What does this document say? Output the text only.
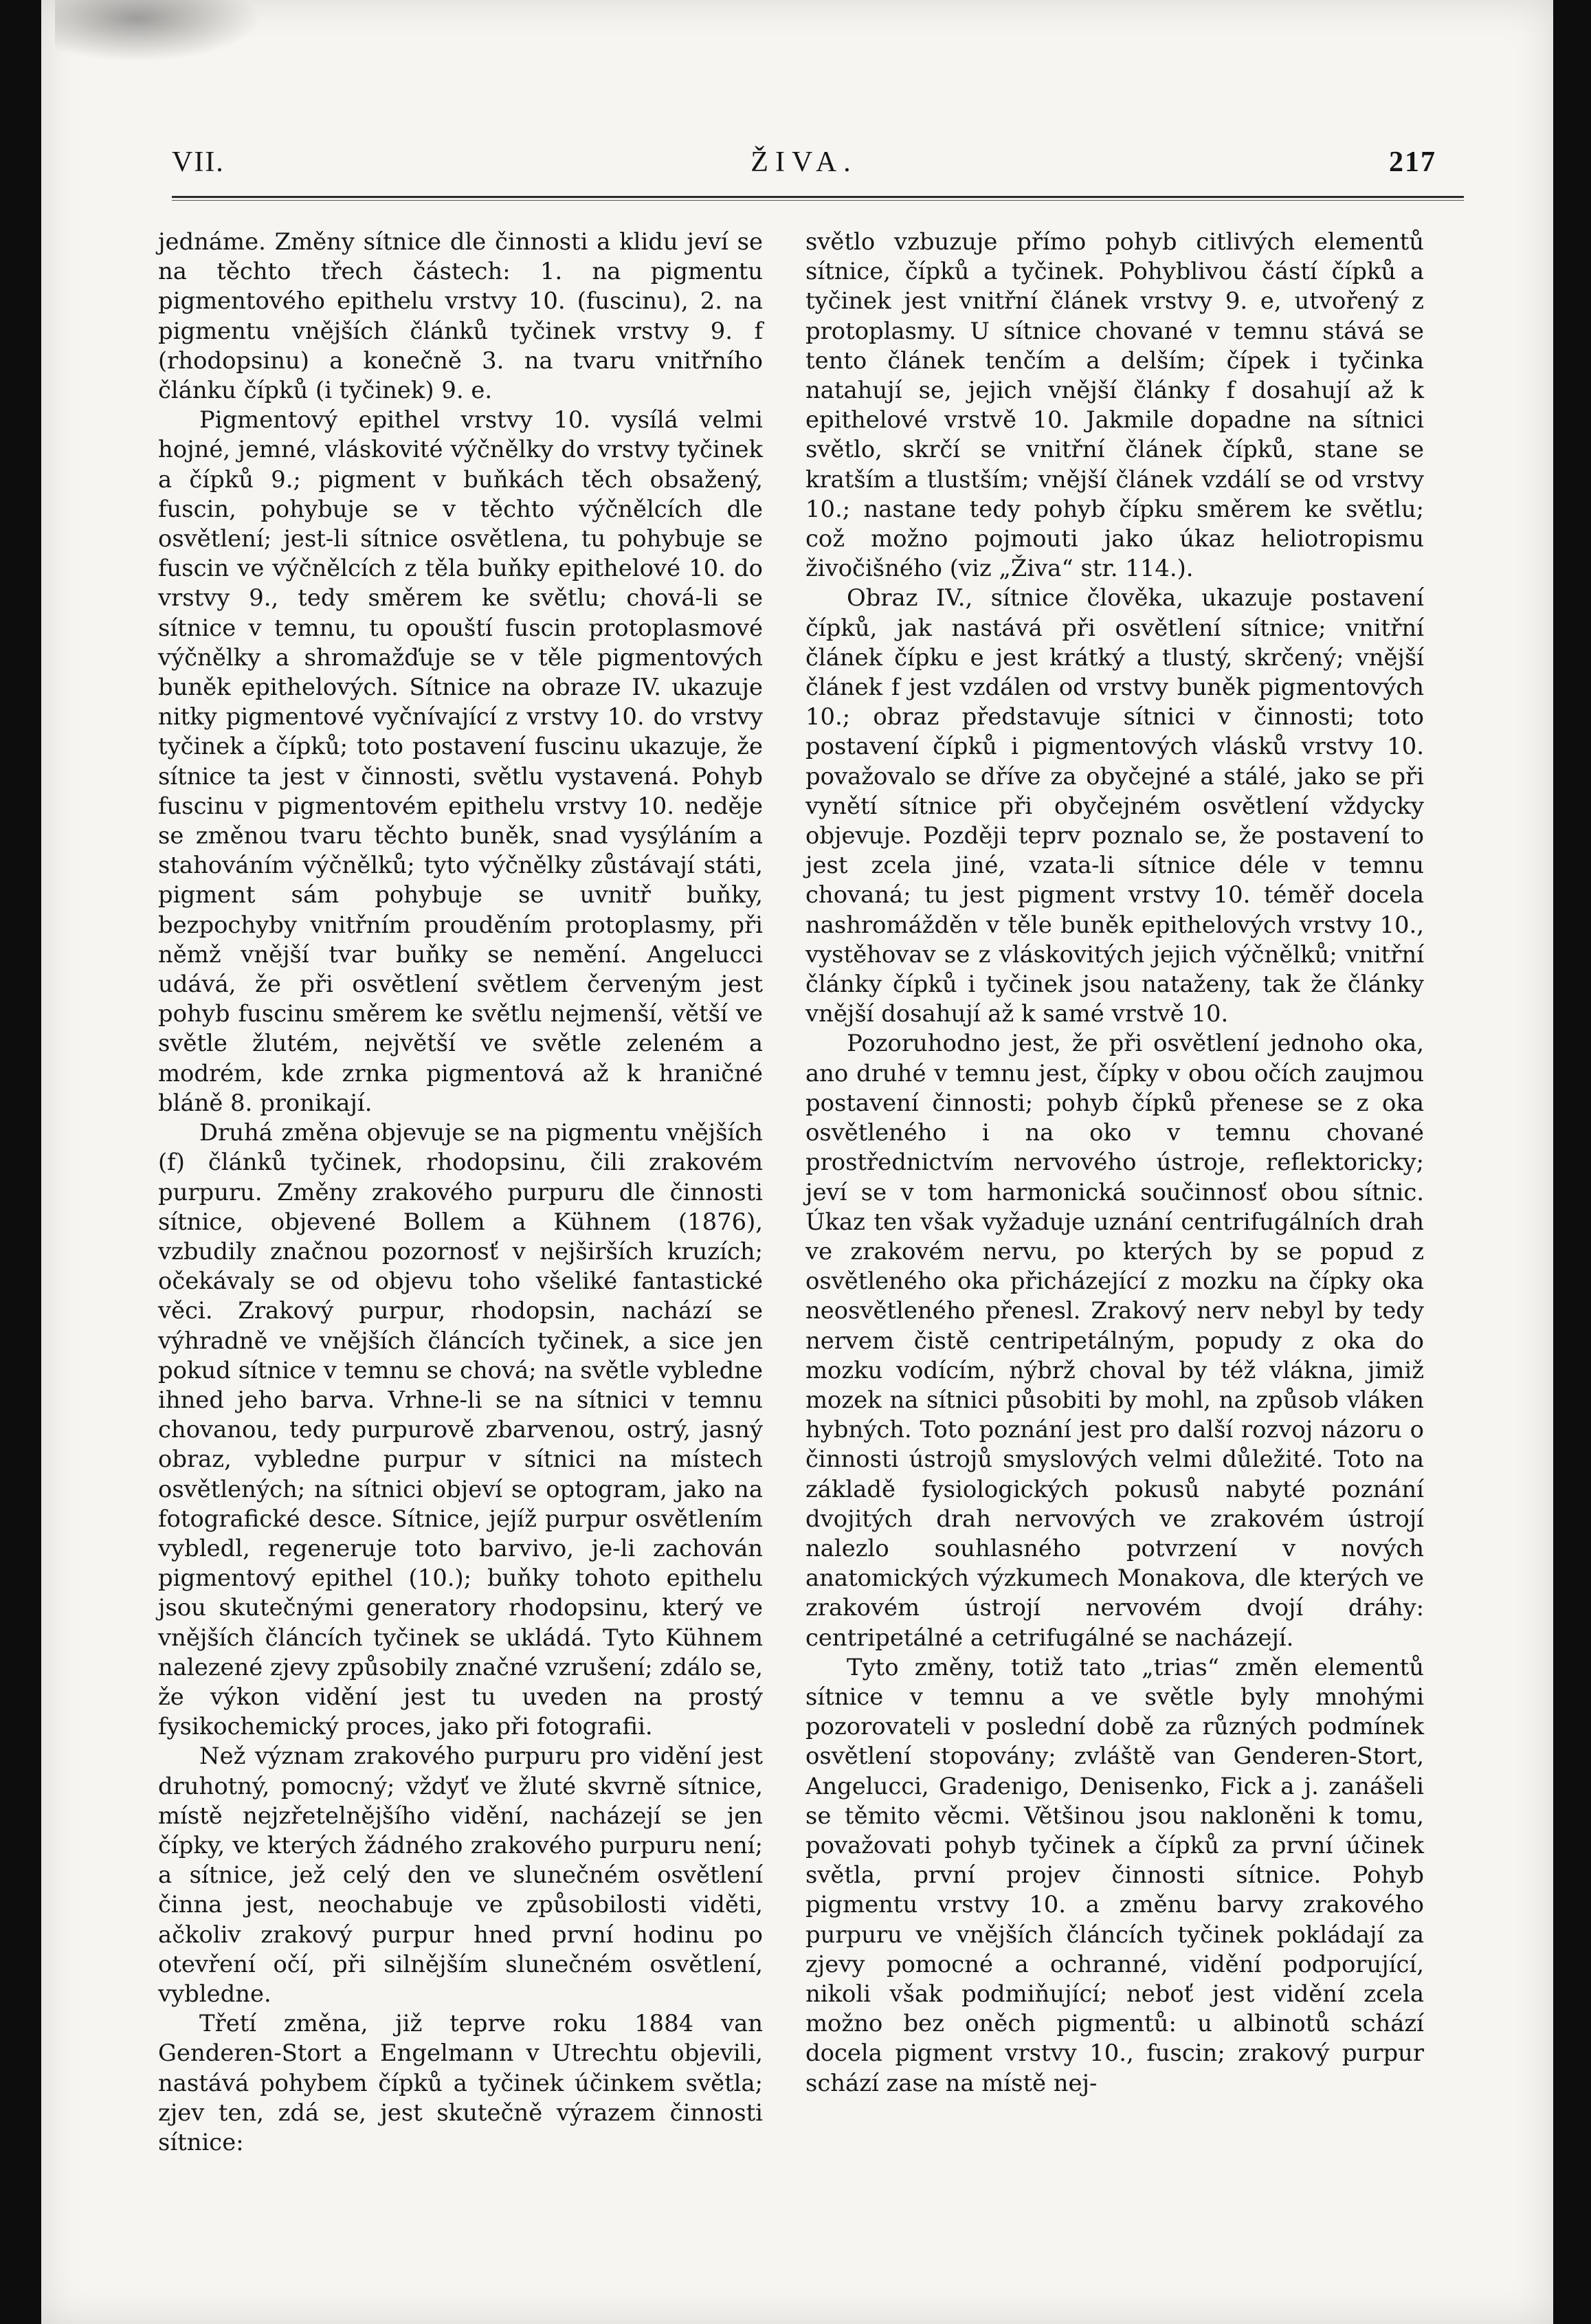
VII.	ŽIVA.	217

jednáme. Změny sítnice dle činnosti a klidu jeví se na těchto třech částech: 1. na pigmentu pigmentového epithelu vrstvy 10. (fuscinu), 2. na pigmentu vnějších článků tyčinek vrstvy 9. f (rhodopsinu) a konečně 3. na tvaru vnitřního článku čípků (i tyčinek) 9. e.

Pigmentový epithel vrstvy 10. vysílá velmi hojné, jemné, vláskovité výčnělky do vrstvy tyčinek a čípků 9.; pigment v buňkách těch obsažený, fuscin, pohybuje se v těchto výčnělcích dle osvětlení; jest-li sítnice osvětlena, tu pohybuje se fuscin ve výčnělcích z těla buňky epithelové 10. do vrstvy 9., tedy směrem ke světlu; chová-li se sítnice v temnu, tu opouští fuscin protoplasmové výčnělky a shromažďuje se v těle pigmentových buněk epithelových. Sítnice na obraze IV. ukazuje nitky pigmentové vyčnívající z vrstvy 10. do vrstvy tyčinek a čípků; toto postavení fuscinu ukazuje, že sítnice ta jest v činnosti, světlu vystavená. Pohyb fuscinu v pigmentovém epithelu vrstvy 10. neděje se změnou tvaru těchto buněk, snad vysýláním a stahováním výčnělků; tyto výčnělky zůstávají státi, pigment sám pohybuje se uvnitř buňky, bezpochyby vnitřním prouděním protoplasmy, při němž vnější tvar buňky se nemění. Angelucci udává, že při osvětlení světlem červeným jest pohyb fuscinu směrem ke světlu nejmenší, větší ve světle žlutém, největší ve světle zeleném a modrém, kde zrnka pigmentová až k hraničné bláně 8. pronikají.

Druhá změna objevuje se na pigmentu vnějších (f) článků tyčinek, rhodopsinu, čili zrakovém purpuru. Změny zrakového purpuru dle činnosti sítnice, objevené Bollem a Kühnem (1876), vzbudily značnou pozornosť v nejširších kruzích; očekávaly se od objevu toho všeliké fantastické věci. Zrakový purpur, rhodopsin, nachází se výhradně ve vnějších článcích tyčinek, a sice jen pokud sítnice v temnu se chová; na světle vybledne ihned jeho barva. Vrhne-li se na sítnici v temnu chovanou, tedy purpurově zbarvenou, ostrý, jasný obraz, vybledne purpur v sítnici na místech osvětlených; na sítnici objeví se optogram, jako na fotografické desce. Sítnice, jejíž purpur osvětlením vybledl, regeneruje toto barvivo, je-li zachován pigmentový epithel (10.); buňky tohoto epithelu jsou skutečnými generatory rhodopsinu, který ve vnějších článcích tyčinek se ukládá. Tyto Kühnem nalezené zjevy způsobily značné vzrušení; zdálo se, že výkon vidění jest tu uveden na prostý fysikochemický proces, jako při fotografii.

Než význam zrakového purpuru pro vidění jest druhotný, pomocný; vždyť ve žluté skvrně sítnice, místě nejzřetelnějšího vidění, nacházejí se jen čípky, ve kterých žádného zrakového purpuru není; a sítnice, jež celý den ve slunečném osvětlení činna jest, neochabuje ve způsobilosti viděti, ačkoliv zrakový purpur hned první hodinu po otevření očí, při silnějším slunečném osvětlení, vybledne.

Třetí změna, již teprve roku 1884 van Genderen-Stort a Engelmann v Utrechtu objevili, nastává pohybem čípků a tyčinek účinkem světla; zjev ten, zdá se, jest skutečně výrazem činnosti sítnice:

světlo vzbuzuje přímo pohyb citlivých elementů sítnice, čípků a tyčinek. Pohyblivou částí čípků a tyčinek jest vnitřní článek vrstvy 9. e, utvořený z protoplasmy. U sítnice chované v temnu stává se tento článek tenčím a delším; čípek i tyčinka natahují se, jejich vnější články f dosahují až k epithelové vrstvě 10. Jakmile dopadne na sítnici světlo, skrčí se vnitřní článek čípků, stane se kratším a tlustším; vnější článek vzdálí se od vrstvy 10.; nastane tedy pohyb čípku směrem ke světlu; což možno pojmouti jako úkaz heliotropismu živočišného (viz „Živa“ str. 114.).

Obraz IV., sítnice člověka, ukazuje postavení čípků, jak nastává při osvětlení sítnice; vnitřní článek čípku e jest krátký a tlustý, skrčený; vnější článek f jest vzdálen od vrstvy buněk pigmentových 10.; obraz představuje sítnici v činnosti; toto postavení čípků i pigmentových vlásků vrstvy 10. považovalo se dříve za obyčejné a stálé, jako se při vynětí sítnice při obyčejném osvětlení vždycky objevuje. Později teprv poznalo se, že postavení to jest zcela jiné, vzata-li sítnice déle v temnu chovaná; tu jest pigment vrstvy 10. téměř docela nashromážděn v těle buněk epithelových vrstvy 10., vystěhovav se z vláskovitých jejich výčnělků; vnitřní články čípků i tyčinek jsou nataženy, tak že články vnější dosahují až k samé vrstvě 10.

Pozoruhodno jest, že při osvětlení jednoho oka, ano druhé v temnu jest, čípky v obou očích zaujmou postavení činnosti; pohyb čípků přenese se z oka osvětleného i na oko v temnu chované prostřednictvím nervového ústroje, reflektoricky; jeví se v tom harmonická součinnosť obou sítnic. Úkaz ten však vyžaduje uznání centrifugálních drah ve zrakovém nervu, po kterých by se popud z osvětleného oka přicházející z mozku na čípky oka neosvětleného přenesl. Zrakový nerv nebyl by tedy nervem čistě centripetálným, popudy z oka do mozku vodícím, nýbrž choval by též vlákna, jimiž mozek na sítnici působiti by mohl, na způsob vláken hybných. Toto poznání jest pro další rozvoj názoru o činnosti ústrojů smyslových velmi důležité. Toto na základě fysiologických pokusů nabyté poznání dvojitých drah nervových ve zrakovém ústrojí nalezlo souhlasného potvrzení v nových anatomických výzkumech Monakova, dle kterých ve zrakovém ústrojí nervovém dvojí dráhy: centripetálné a cetrifugálné se nacházejí.

Tyto změny, totiž tato „trias“ změn elementů sítnice v temnu a ve světle byly mnohými pozorovateli v poslední době za různých podmínek osvětlení stopovány; zvláště van Genderen-Stort, Angelucci, Gradenigo, Denisenko, Fick a j. zanášeli se těmito věcmi. Většinou jsou nakloněni k tomu, považovati pohyb tyčinek a čípků za první účinek světla, první projev činnosti sítnice. Pohyb pigmentu vrstvy 10. a změnu barvy zrakového purpuru ve vnějších článcích tyčinek pokládají za zjevy pomocné a ochranné, vidění podporující, nikoli však podmiňující; neboť jest vidění zcela možno bez oněch pigmentů: u albinotů schází docela pigment vrstvy 10., fuscin; zrakový purpur schází zase na místě nej-
